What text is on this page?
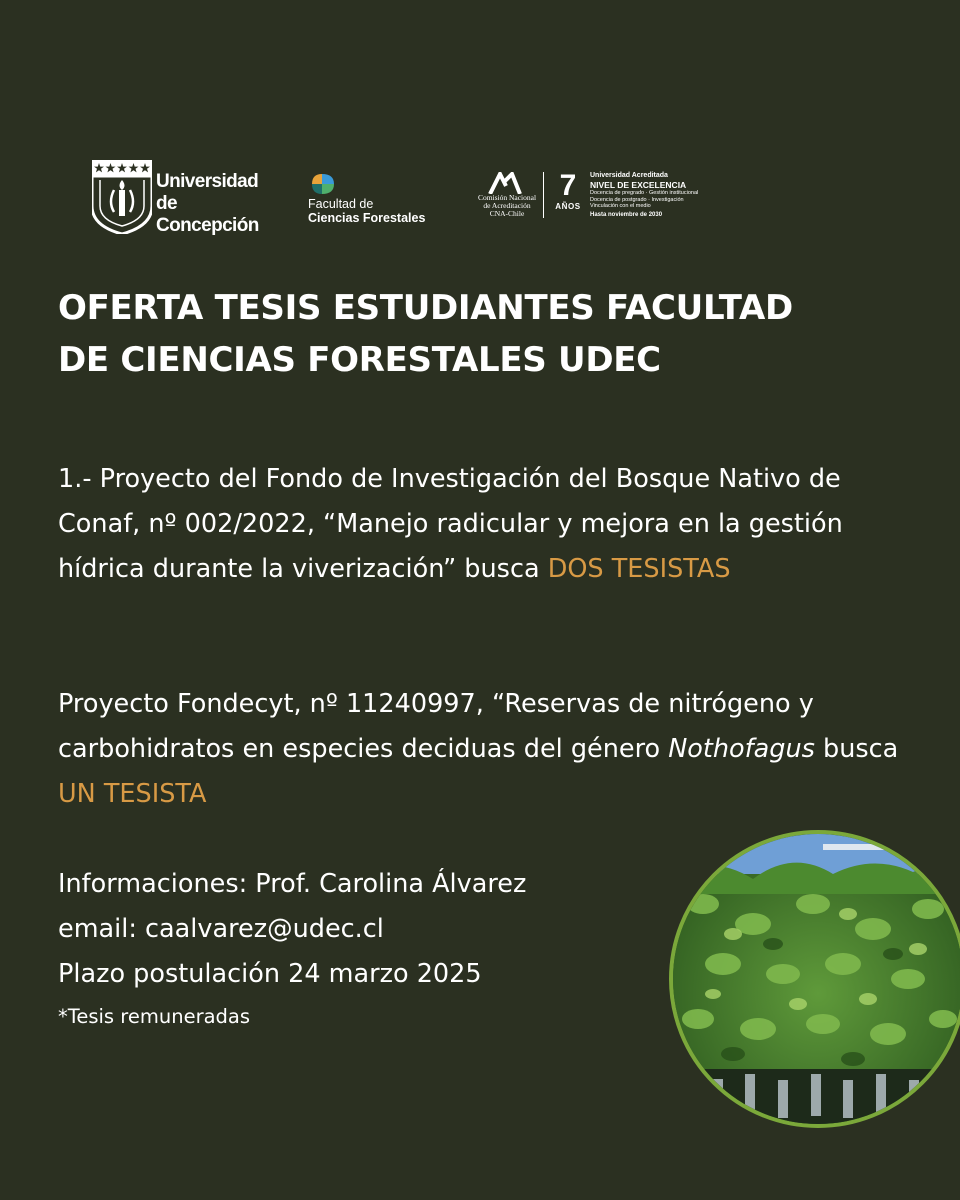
Universidad
de Concepción
Facultad de
Ciencias Forestales
Comisión Nacional
de Acreditación
CNA-Chile
7
AÑOS
Universidad Acreditada
NIVEL DE EXCELENCIA
Docencia de pregrado · Gestión institucional
Docencia de postgrado · Investigación
Vinculación con el medio
Hasta noviembre de 2030
OFERTA TESIS ESTUDIANTES FACULTAD
DE CIENCIAS FORESTALES UDEC

1.- Proyecto del Fondo de Investigación del Bosque Nativo de Conaf, nº 002/2022, “Manejo radicular y mejora en la gestión hídrica durante la viverización” busca DOS TESISTAS

Proyecto Fondecyt, nº 11240997, “Reservas de nitrógeno y carbohidratos en especies deciduas del género Nothofagus busca UN TESISTA

Informaciones: Prof. Carolina Álvarez
email: caalvarez@udec.cl
Plazo postulación 24 marzo 2025
*Tesis remuneradas
